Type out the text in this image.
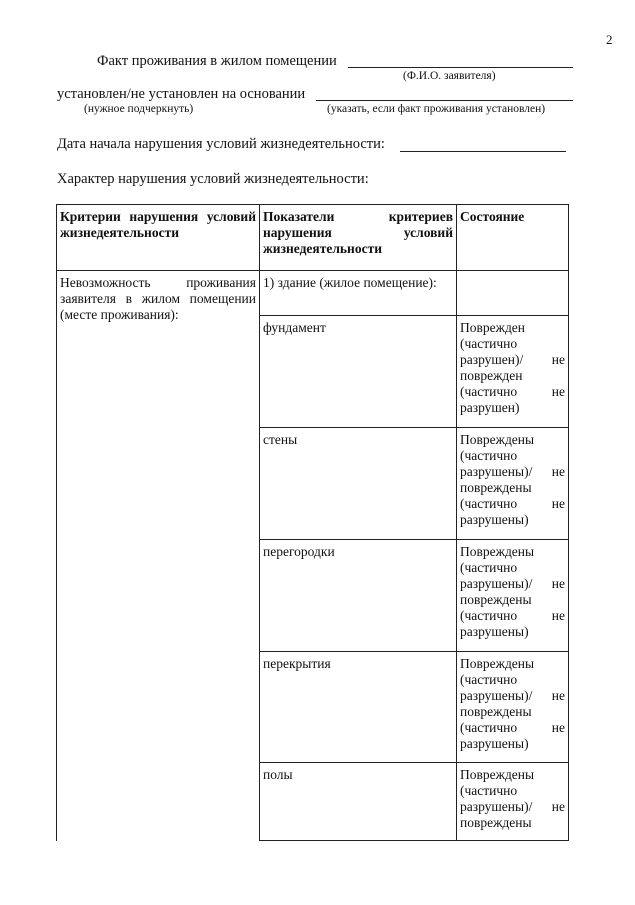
2
Факт проживания в жилом помещении
(Ф.И.О. заявителя)
установлен/не установлен на основании
(нужное подчеркнуть)	(указать, если факт проживания установлен)
Дата начала нарушения условий жизнедеятельности:
Характер нарушения условий жизнедеятельности:
Критерии нарушения условий жизнедеятельности	Показатели критериев нарушения условий жизнедеятельности	Состояние
Невозможность проживания заявителя в жилом помещении (месте проживания):	1) здание (жилое помещение):	
	фундамент	Поврежден (частично разрушен)/ не поврежден (частично не разрушен)
	стены	Повреждены (частично разрушены)/ не повреждены (частично не разрушены)
	перегородки	Повреждены (частично разрушены)/ не повреждены (частично не разрушены)
	перекрытия	Повреждены (частично разрушены)/ не повреждены (частично не разрушены)
	полы	Повреждены (частично разрушены)/ не повреждены
